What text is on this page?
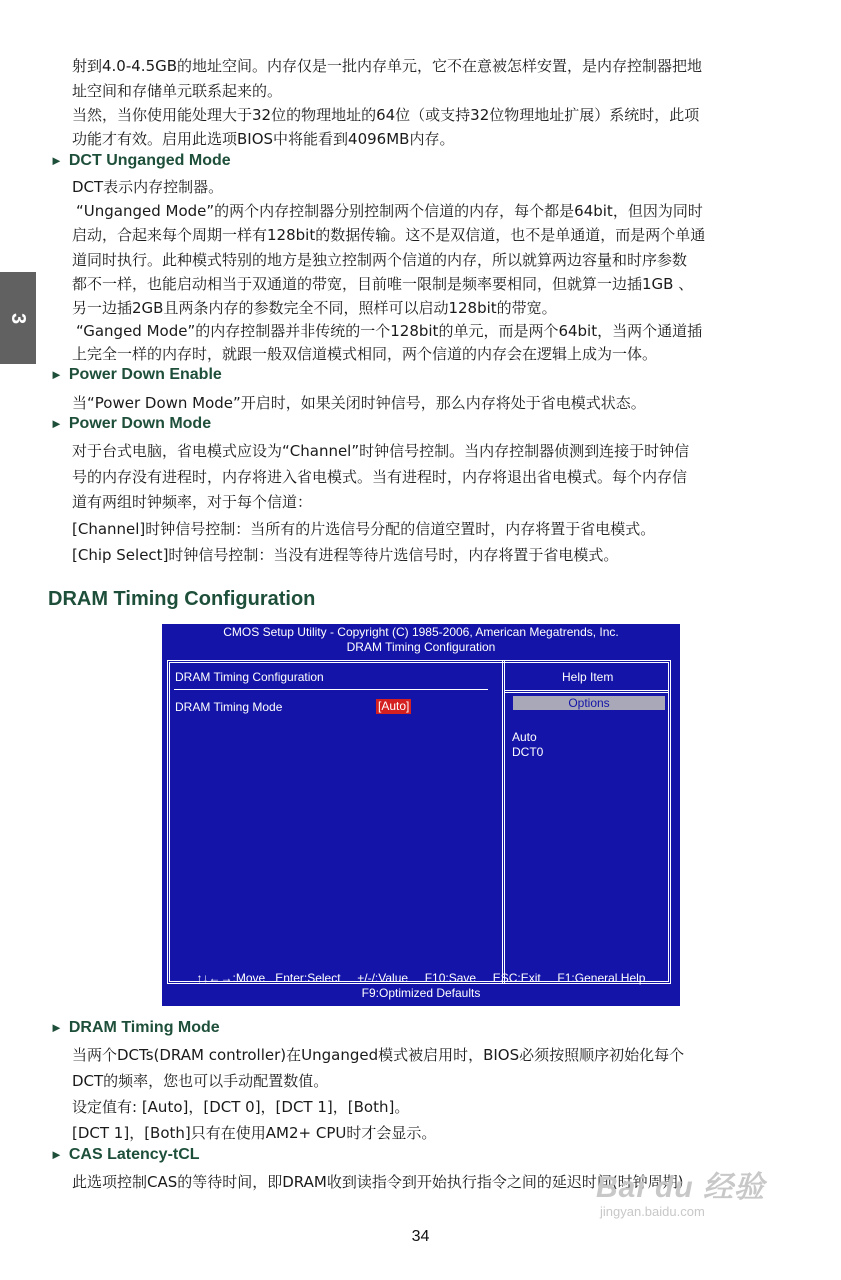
3
射到4.0-4.5GB的地址空间。内存仅是一批内存单元，它不在意被怎样安置，是内存控制器把地
址空间和存储单元联系起来的。
当然，当你使用能处理大于32位的物理地址的64位（或支持32位物理地址扩展）系统时，此项
功能才有效。启用此选项BIOS中将能看到4096MB内存。
► DCT Unganged Mode
DCT表示内存控制器。
“Unganged Mode”的两个内存控制器分别控制两个信道的内存，每个都是64bit，但因为同时
启动，合起来每个周期一样有128bit的数据传输。这不是双信道，也不是单通道，而是两个单通
道同时执行。此种模式特别的地方是独立控制两个信道的内存，所以就算两边容量和时序参数
都不一样，也能启动相当于双通道的带宽，目前唯一限制是频率要相同，但就算一边插1GB 、
另一边插2GB且两条内存的参数完全不同，照样可以启动128bit的带宽。
“Ganged Mode”的内存控制器并非传统的一个128bit的单元，而是两个64bit，当两个通道插
上完全一样的内存时，就跟一般双信道模式相同，两个信道的内存会在逻辑上成为一体。
► Power Down Enable
当“Power Down Mode”开启时，如果关闭时钟信号，那么内存将处于省电模式状态。
► Power Down Mode
对于台式电脑，省电模式应设为“Channel”时钟信号控制。当内存控制器侦测到连接于时钟信
号的内存没有进程时，内存将进入省电模式。当有进程时，内存将退出省电模式。每个内存信
道有两组时钟频率，对于每个信道：
[Channel]时钟信号控制：当所有的片选信号分配的信道空置时，内存将置于省电模式。
[Chip Select]时钟信号控制：当没有进程等待片选信号时，内存将置于省电模式。
DRAM Timing Configuration
CMOS Setup Utility - Copyright (C) 1985-2006, American Megatrends, Inc.
DRAM Timing Configuration
DRAM Timing Configuration
DRAM Timing Mode	[Auto]
Help Item
Options
Auto
DCT0
↑↓←→:Move   Enter:Select     +/-/:Value     F10:Save     ESC:Exit     F1:General Help
F9:Optimized Defaults
► DRAM Timing Mode
当两个DCTs(DRAM controller)在Unganged模式被启用时，BIOS必须按照顺序初始化每个
DCT的频率，您也可以手动配置数值。
设定值有: [Auto]，[DCT 0]，[DCT 1]，[Both]。
[DCT 1]，[Both]只有在使用AM2+ CPU时才会显示。
► CAS Latency-tCL
此选项控制CAS的等待时间，即DRAM收到读指令到开始执行指令之间的延迟时间(时钟周期)
Bai du 经验
jingyan.baidu.com
34
